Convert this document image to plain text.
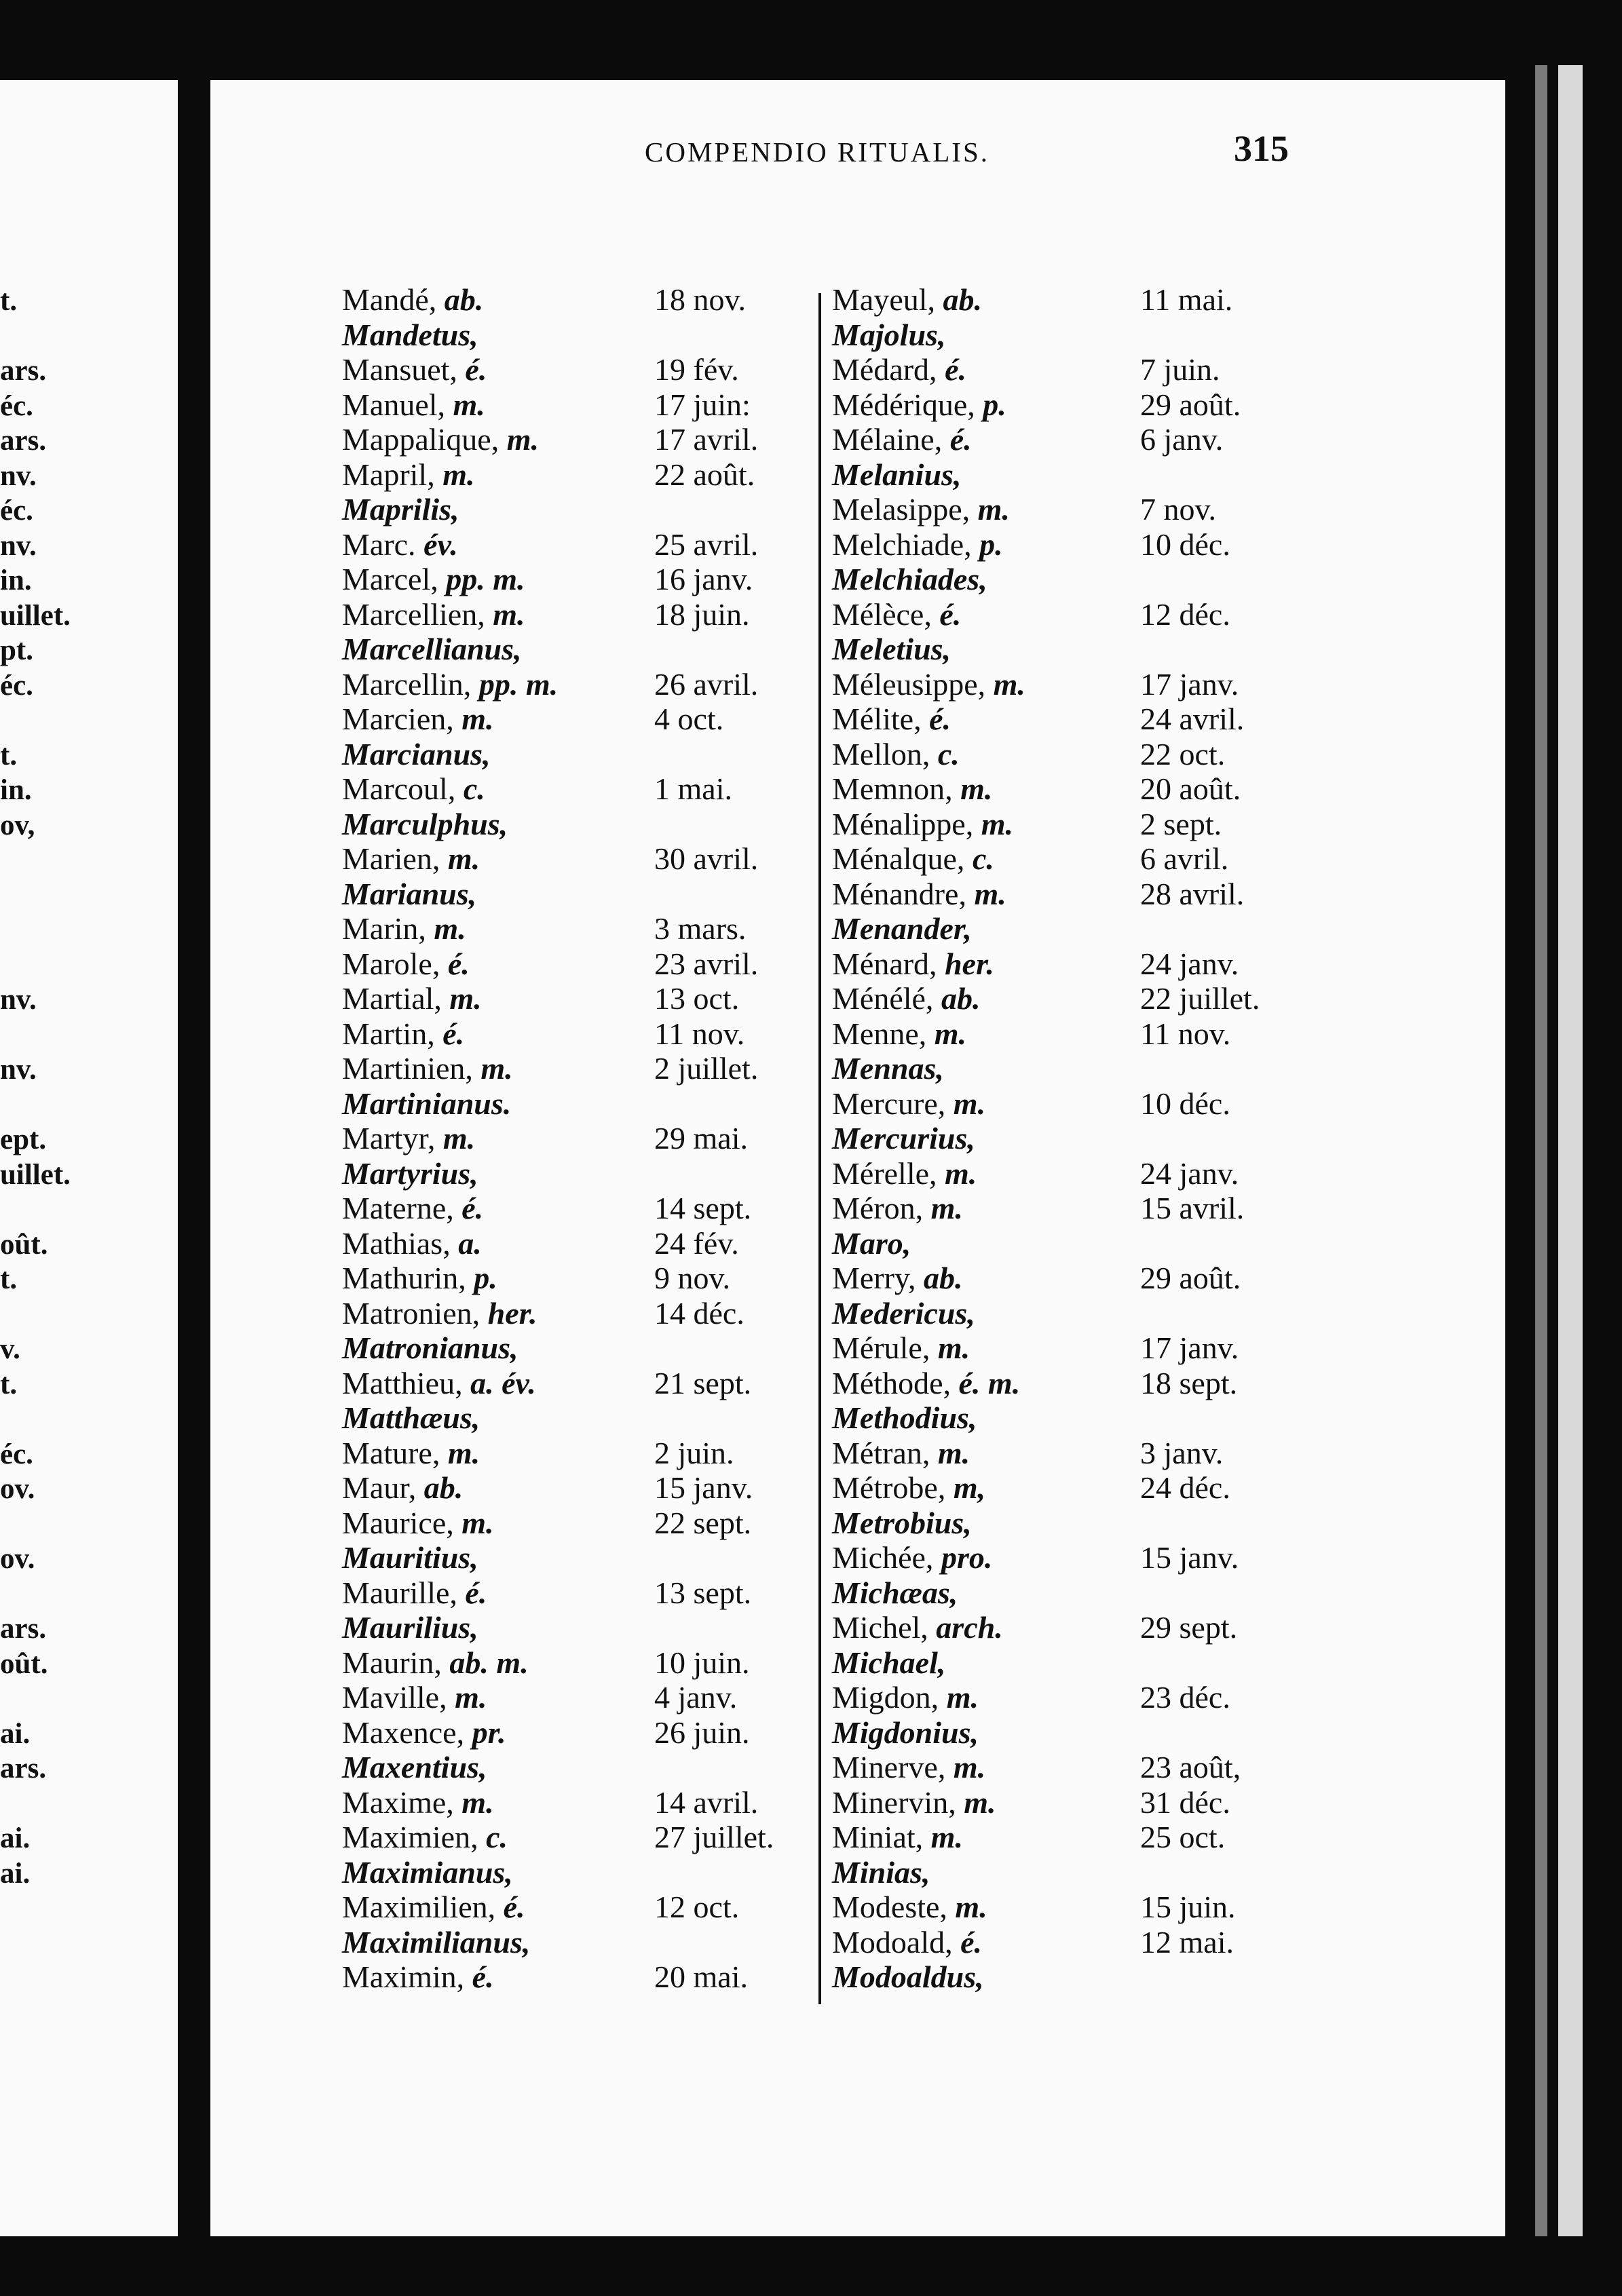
t.
ars.
éc.
ars.
nv.
éc.
nv.
in.
uillet.
pt.
éc.
t.
in.
ov,
nv.
nv.
ept.
uillet.
oût.
t.
v.
t.
éc.
ov.
ov.
ars.
oût.
ai.
ars.
ai.
ai.
COMPENDIO RITUALIS.	315
Mandé, ab.	18 nov.
Mandetus,
Mansuet, é.	19 fév.
Manuel, m.	17 juin:
Mappalique, m.	17 avril.
Mapril, m.	22 août.
Maprilis,
Marc. év.	25 avril.
Marcel, pp. m.	16 janv.
Marcellien, m.	18 juin.
Marcellianus,
Marcellin, pp. m.	26 avril.
Marcien, m.	4 oct.
Marcianus,
Marcoul, c.	1 mai.
Marculphus,
Marien, m.	30 avril.
Marianus,
Marin, m.	3 mars.
Marole, é.	23 avril.
Martial, m.	13 oct.
Martin, é.	11 nov.
Martinien, m.	2 juillet.
Martinianus.
Martyr, m.	29 mai.
Martyrius,
Materne, é.	14 sept.
Mathias, a.	24 fév.
Mathurin, p.	9 nov.
Matronien, her.	14 déc.
Matronianus,
Matthieu, a. év.	21 sept.
Matthæus,
Mature, m.	2 juin.
Maur, ab.	15 janv.
Maurice, m.	22 sept.
Mauritius,
Maurille, é.	13 sept.
Maurilius,
Maurin, ab. m.	10 juin.
Maville, m.	4 janv.
Maxence, pr.	26 juin.
Maxentius,
Maxime, m.	14 avril.
Maximien, c.	27 juillet.
Maximianus,
Maximilien, é.	12 oct.
Maximilianus,
Maximin, é.	20 mai.
Mayeul, ab.	11 mai.
Majolus,
Médard, é.	7 juin.
Médérique, p.	29 août.
Mélaine, é.	6 janv.
Melanius,
Melasippe, m.	7 nov.
Melchiade, p.	10 déc.
Melchiades,
Mélèce, é.	12 déc.
Meletius,
Méleusippe, m.	17 janv.
Mélite, é.	24 avril.
Mellon, c.	22 oct.
Memnon, m.	20 août.
Ménalippe, m.	2 sept.
Ménalque, c.	6 avril.
Ménandre, m.	28 avril.
Menander,
Ménard, her.	24 janv.
Ménélé, ab.	22 juillet.
Menne, m.	11 nov.
Mennas,
Mercure, m.	10 déc.
Mercurius,
Mérelle, m.	24 janv.
Méron, m.	15 avril.
Maro,
Merry, ab.	29 août.
Medericus,
Mérule, m.	17 janv.
Méthode, é. m.	18 sept.
Methodius,
Métran, m.	3 janv.
Métrobe, m,	24 déc.
Metrobius,
Michée, pro.	15 janv.
Michæas,
Michel, arch.	29 sept.
Michael,
Migdon, m.	23 déc.
Migdonius,
Minerve, m.	23 août,
Minervin, m.	31 déc.
Miniat, m.	25 oct.
Minias,
Modeste, m.	15 juin.
Modoald, é.	12 mai.
Modoaldus,
